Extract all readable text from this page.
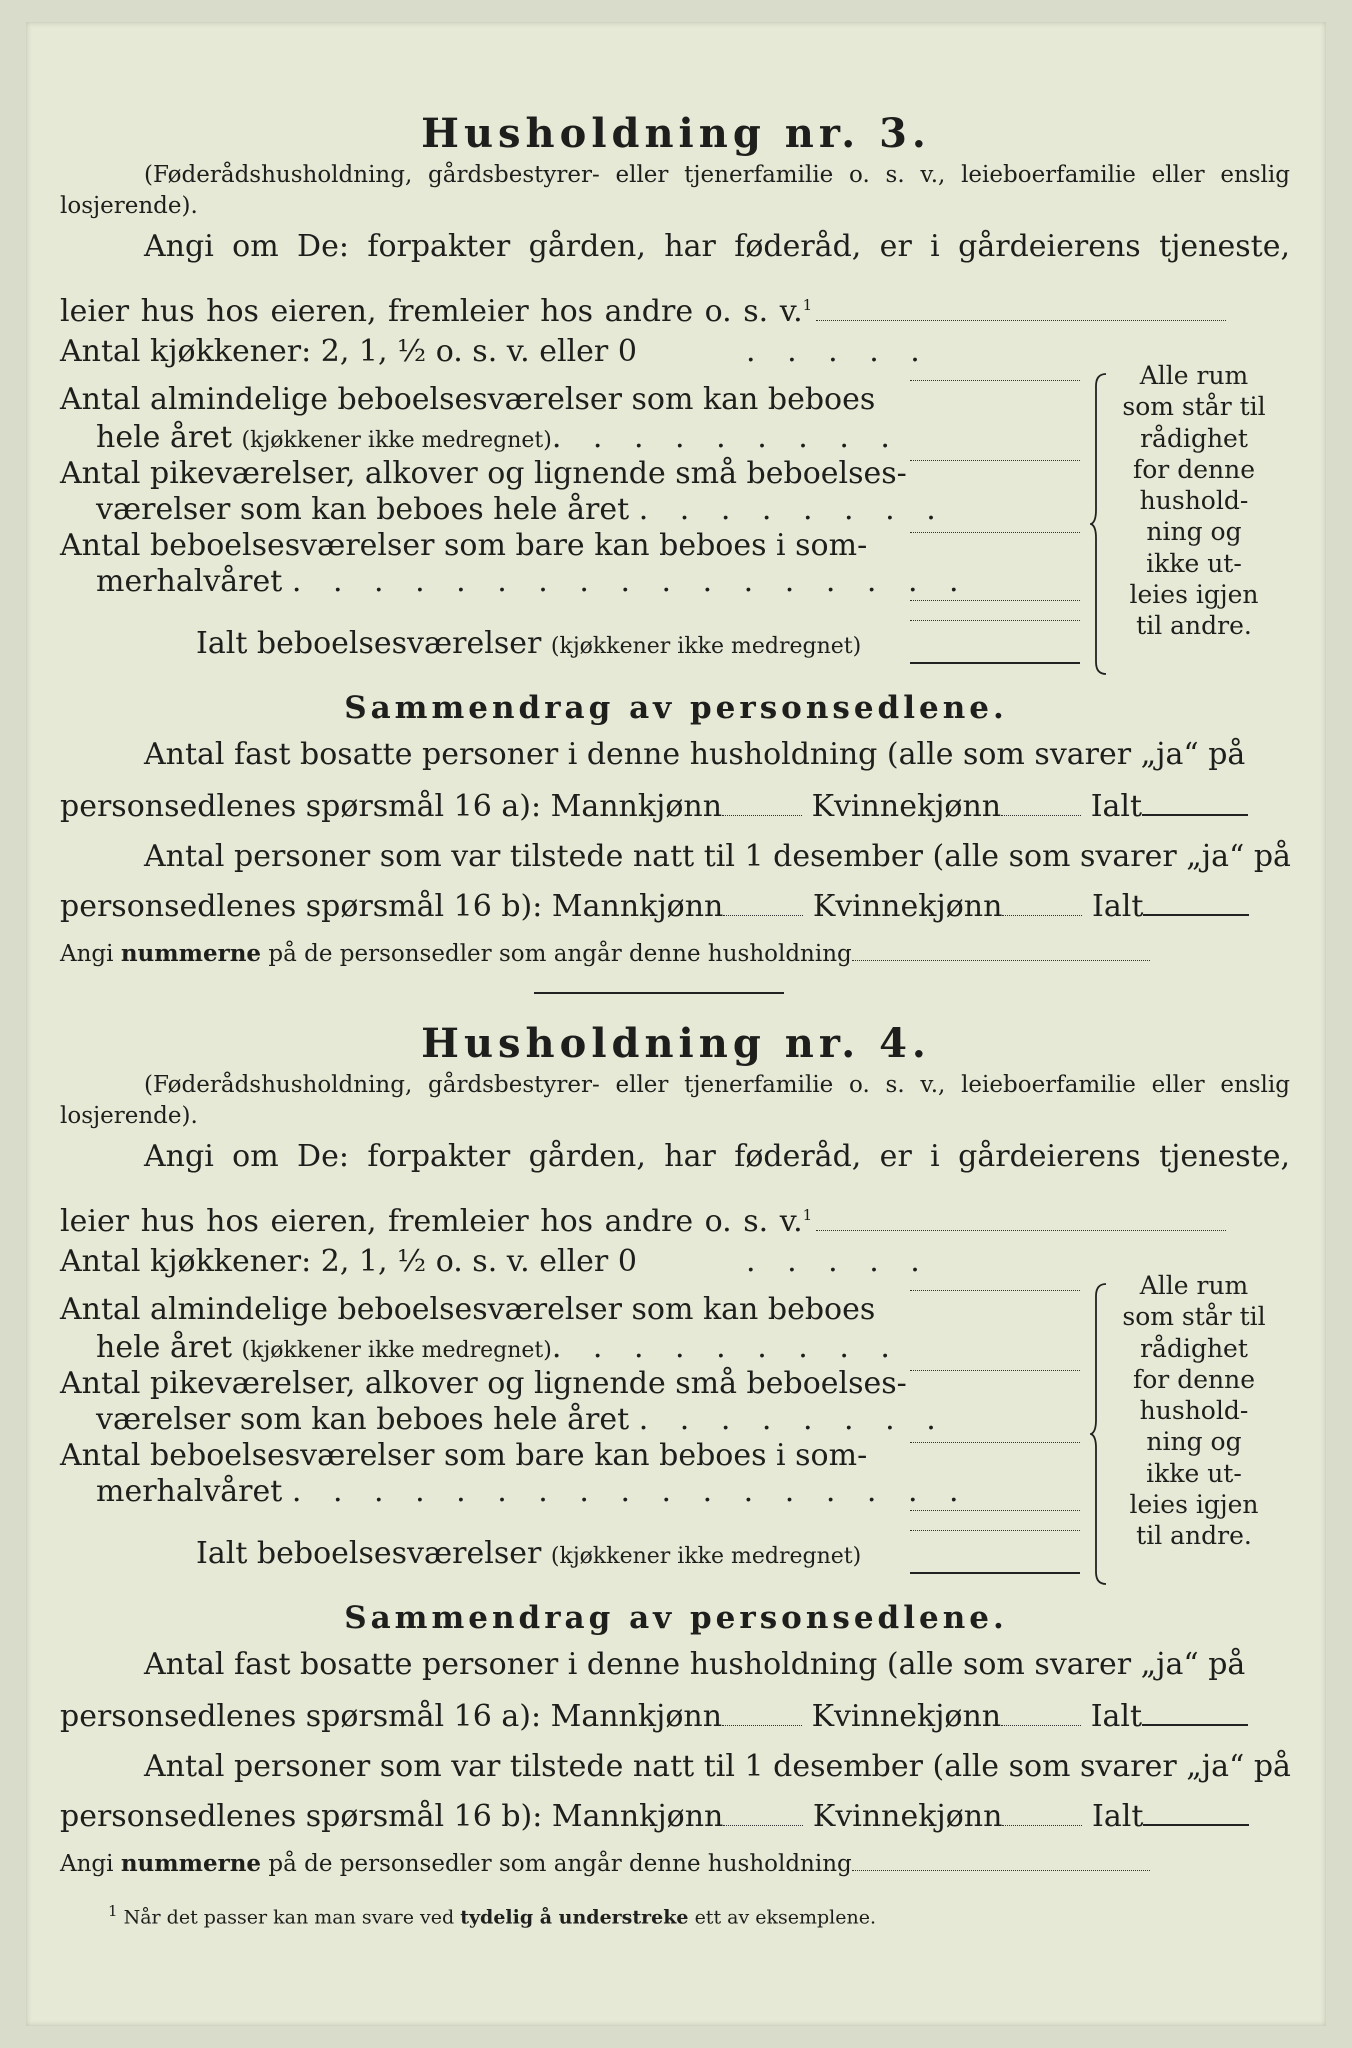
Husholdning nr. 3.
(Føderådshusholdning, gårdsbestyrer- eller tjenerfamilie o. s. v., leieboerfamilie eller enslig losjerende).
Angi om De: forpakter gården, har føderåd, er i gårdeierens tjeneste, leier hus hos eieren, fremleier hos andre o. s. v.$^1$
Antal kjøkkener: 2, 1, ½ o. s. v. eller 0	. . . . .
Antal almindelige beboelsesværelser som kan beboes
hele året (kjøkkener ikke medregnet). . . . . . . . .
Antal pikeværelser, alkover og lignende små beboelses-
værelser som kan beboes hele året . . . . . . . .
Antal beboelsesværelser som bare kan beboes i som-
merhalvåret . . . . . . . . . . . . . . . . .
Ialt beboelsesværelser (kjøkkener ikke medregnet)
Alle rum
som står til
rådighet
for denne
hushold-
ning og
ikke ut-
leies igjen
til andre.
Sammendrag av personsedlene.
Antal fast bosatte personer i denne husholdning (alle som svarer „ja“ på
personsedlenes spørsmål 16 a): Mannkjønn	Kvinnekjønn	Ialt
Antal personer som var tilstede natt til 1 desember (alle som svarer „ja“ på
personsedlenes spørsmål 16 b): Mannkjønn	Kvinnekjønn	Ialt
Angi nummerne på de personsedler som angår denne husholdning
Husholdning nr. 4.
(Føderådshusholdning, gårdsbestyrer- eller tjenerfamilie o. s. v., leieboerfamilie eller enslig losjerende).
Angi om De: forpakter gården, har føderåd, er i gårdeierens tjeneste, leier hus hos eieren, fremleier hos andre o. s. v.$^1$
Antal kjøkkener: 2, 1, ½ o. s. v. eller 0	. . . . .
Antal almindelige beboelsesværelser som kan beboes
hele året (kjøkkener ikke medregnet). . . . . . . . .
Antal pikeværelser, alkover og lignende små beboelses-
værelser som kan beboes hele året . . . . . . . .
Antal beboelsesværelser som bare kan beboes i som-
merhalvåret . . . . . . . . . . . . . . . . .
Ialt beboelsesværelser (kjøkkener ikke medregnet)
Alle rum
som står til
rådighet
for denne
hushold-
ning og
ikke ut-
leies igjen
til andre.
Sammendrag av personsedlene.
Antal fast bosatte personer i denne husholdning (alle som svarer „ja“ på
personsedlenes spørsmål 16 a): Mannkjønn	Kvinnekjønn	Ialt
Antal personer som var tilstede natt til 1 desember (alle som svarer „ja“ på
personsedlenes spørsmål 16 b): Mannkjønn	Kvinnekjønn	Ialt
Angi nummerne på de personsedler som angår denne husholdning
$^1$ Når det passer kan man svare ved tydelig å understreke ett av eksemplene.
